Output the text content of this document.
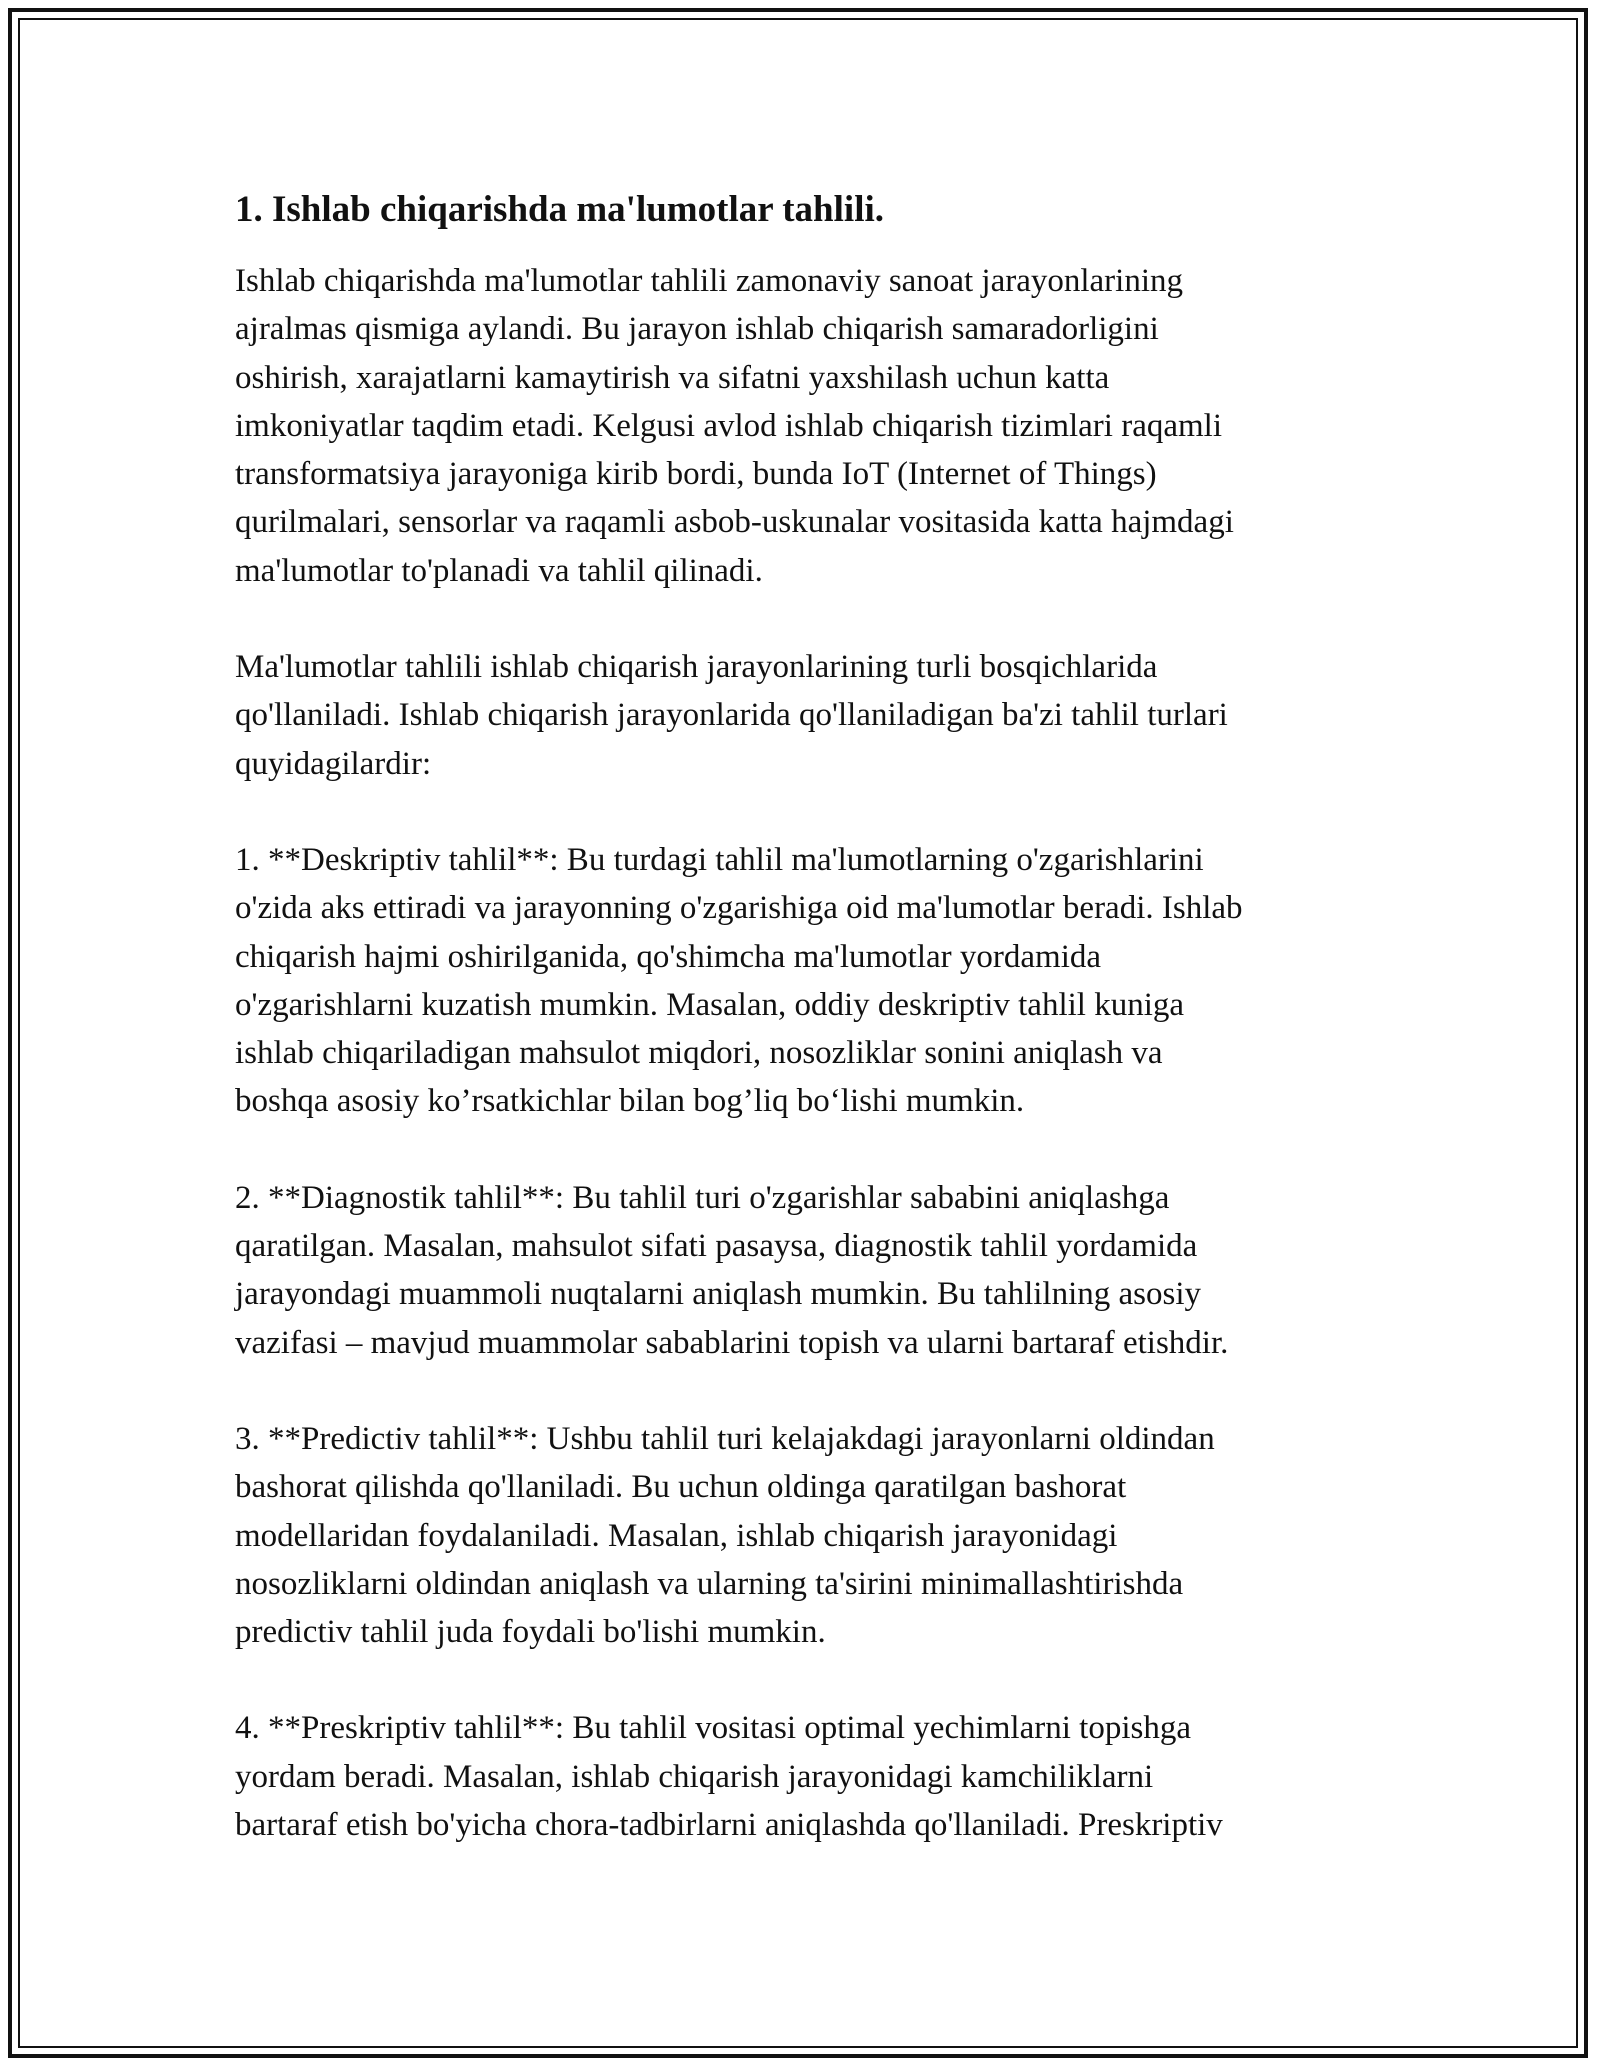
1. Ishlab chiqarishda ma'lumotlar tahlili.

Ishlab chiqarishda ma'lumotlar tahlili zamonaviy sanoat jarayonlarining
ajralmas qismiga aylandi. Bu jarayon ishlab chiqarish samaradorligini
oshirish, xarajatlarni kamaytirish va sifatni yaxshilash uchun katta
imkoniyatlar taqdim etadi. Kelgusi avlod ishlab chiqarish tizimlari raqamli
transformatsiya jarayoniga kirib bordi, bunda IoT (Internet of Things)
qurilmalari, sensorlar va raqamli asbob-uskunalar vositasida katta hajmdagi
ma'lumotlar to'planadi va tahlil qilinadi.

Ma'lumotlar tahlili ishlab chiqarish jarayonlarining turli bosqichlarida
qo'llaniladi. Ishlab chiqarish jarayonlarida qo'llaniladigan ba'zi tahlil turlari
quyidagilardir:

1. **Deskriptiv tahlil**: Bu turdagi tahlil ma'lumotlarning o'zgarishlarini
o'zida aks ettiradi va jarayonning o'zgarishiga oid ma'lumotlar beradi. Ishlab
chiqarish hajmi oshirilganida, qo'shimcha ma'lumotlar yordamida
o'zgarishlarni kuzatish mumkin. Masalan, oddiy deskriptiv tahlil kuniga
ishlab chiqariladigan mahsulot miqdori, nosozliklar sonini aniqlash va
boshqa asosiy ko’rsatkichlar bilan bog’liq bo‘lishi mumkin.

2. **Diagnostik tahlil**: Bu tahlil turi o'zgarishlar sababini aniqlashga
qaratilgan. Masalan, mahsulot sifati pasaysa, diagnostik tahlil yordamida
jarayondagi muammoli nuqtalarni aniqlash mumkin. Bu tahlilning asosiy
vazifasi – mavjud muammolar sabablarini topish va ularni bartaraf etishdir.

3. **Predictiv tahlil**: Ushbu tahlil turi kelajakdagi jarayonlarni oldindan
bashorat qilishda qo'llaniladi. Bu uchun oldinga qaratilgan bashorat
modellaridan foydalaniladi. Masalan, ishlab chiqarish jarayonidagi
nosozliklarni oldindan aniqlash va ularning ta'sirini minimallashtirishda
predictiv tahlil juda foydali bo'lishi mumkin.

4. **Preskriptiv tahlil**: Bu tahlil vositasi optimal yechimlarni topishga
yordam beradi. Masalan, ishlab chiqarish jarayonidagi kamchiliklarni
bartaraf etish bo'yicha chora-tadbirlarni aniqlashda qo'llaniladi. Preskriptiv
